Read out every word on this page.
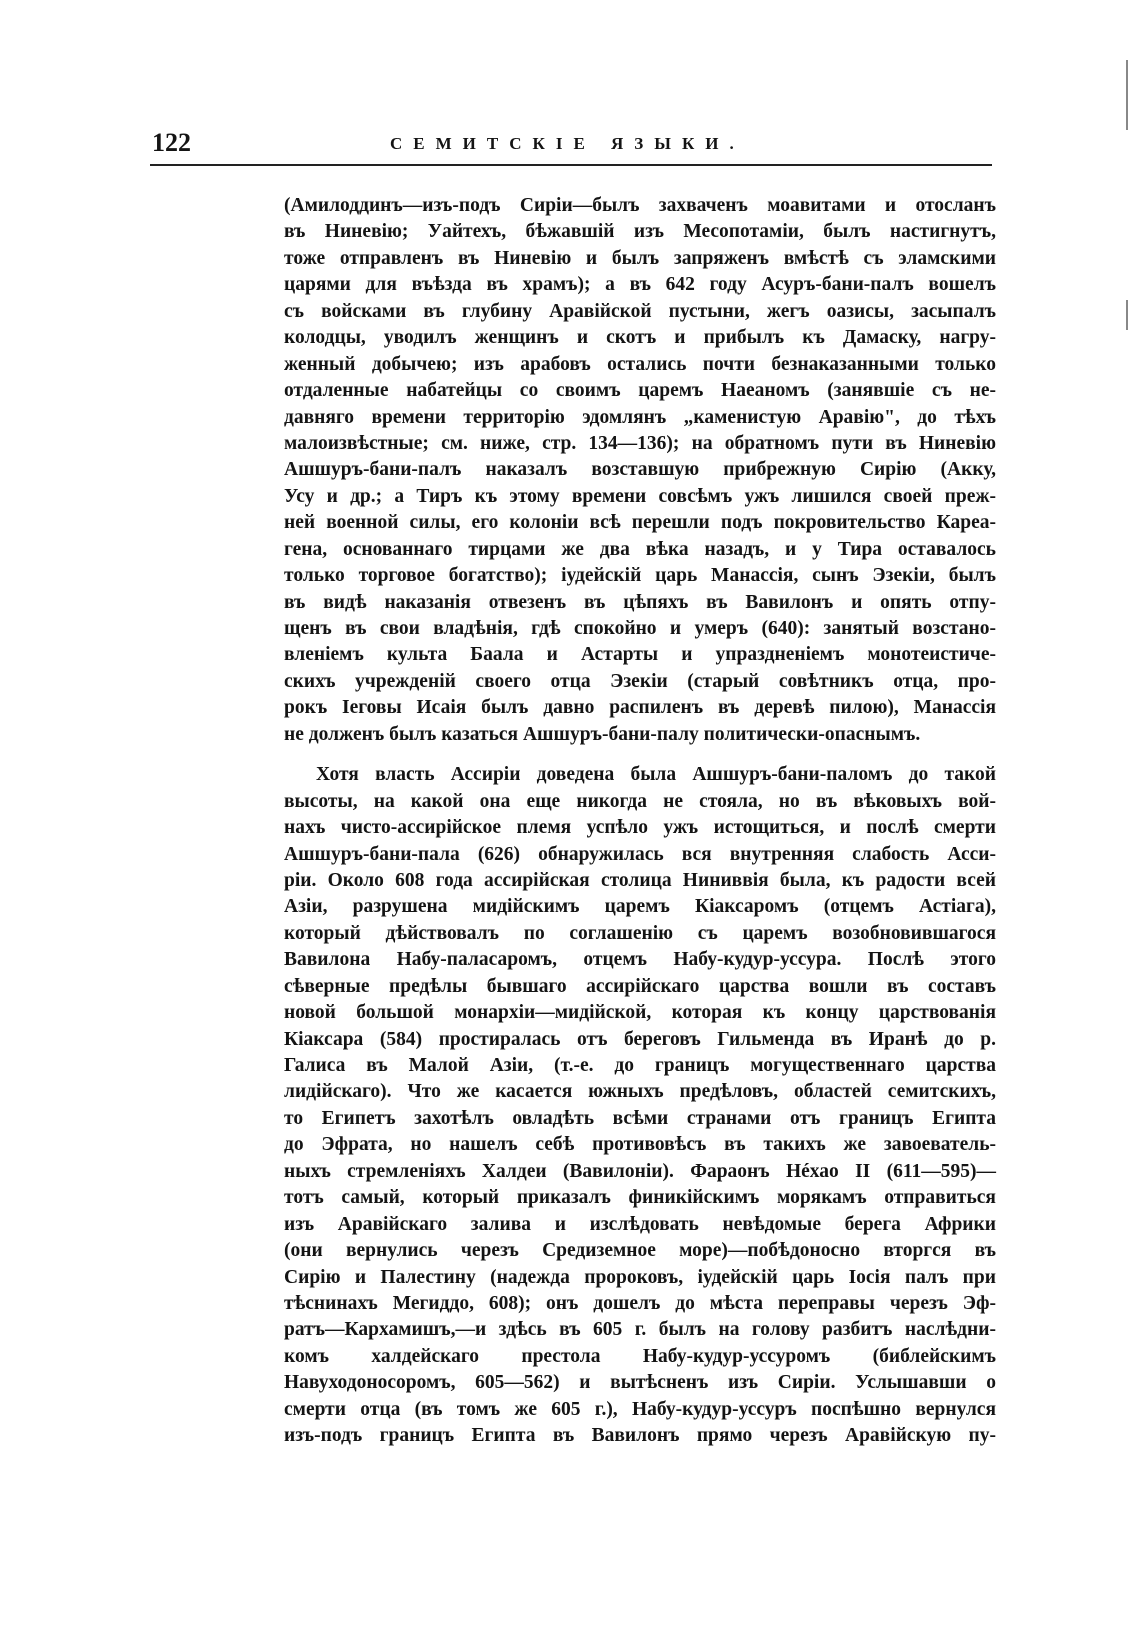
122	СЕМИТСКІЕ ЯЗЫКИ.
(Амилоддинъ—изъ-подъ Сиріи—былъ захваченъ моавитами и отосланъ
въ Ниневію; Уайтехъ, бѣжавшій изъ Месопотаміи, былъ настигнутъ,
тоже отправленъ въ Ниневію и былъ запряженъ вмѣстѣ съ эламскими
царями для въѣзда въ храмъ); а въ 642 году Асуръ-бани-палъ вошелъ
съ войсками въ глубину Аравійской пустыни, жегъ оазисы, засыпалъ
колодцы, уводилъ женщинъ и скотъ и прибылъ къ Дамаску, нагру-
женный добычею; изъ арабовъ остались почти безнаказанными только
отдаленные набатейцы со своимъ царемъ Наеаномъ (занявшіе съ не-
давняго времени территорію эдомлянъ „каменистую Аравію", до тѣхъ
малоизвѣстные; см. ниже, стр. 134—136); на обратномъ пути въ Ниневію
Ашшуръ-бани-палъ наказалъ возставшую прибрежную Сирію (Акку,
Усу и др.; а Тиръ къ этому времени совсѣмъ ужъ лишился своей преж-
ней военной силы, его колоніи всѣ перешли подъ покровительство Кареа-
гена, основаннаго тирцами же два вѣка назадъ, и у Тира оставалось
только торговое богатство); іудейскій царь Манассія, сынъ Эзекіи, былъ
въ видѣ наказанія отвезенъ въ цѣпяхъ въ Вавилонъ и опять отпу-
щенъ въ свои владѣнія, гдѣ спокойно и умеръ (640): занятый возстано-
вленіемъ культа Баала и Астарты и упраздненіемъ монотеистиче-
скихъ учрежденій своего отца Эзекіи (старый совѣтникъ отца, про-
рокъ Іеговы Исаія былъ давно распиленъ въ деревѣ пилою), Манассія
не долженъ былъ казаться Ашшуръ-бани-палу политически-опаснымъ.
Хотя власть Ассиріи доведена была Ашшуръ-бани-паломъ до такой
высоты, на какой она еще никогда не стояла, но въ вѣковыхъ вой-
нахъ чисто-ассирійское племя успѣло ужъ истощиться, и послѣ смерти
Ашшуръ-бани-пала (626) обнаружилась вся внутренняя слабость Асси-
ріи. Около 608 года ассирійская столица Ниниввія была, къ радости всей
Азіи, разрушена мидійскимъ царемъ Кіаксаромъ (отцемъ Астіага),
который дѣйствовалъ по соглашенію съ царемъ возобновившагося
Вавилона Набу-паласаромъ, отцемъ Набу-кудур-уссура. Послѣ этого
сѣверные предѣлы бывшаго ассирійскаго царства вошли въ составъ
новой большой монархіи—мидійской, которая къ концу царствованія
Кіаксара (584) простиралась отъ береговъ Гильменда въ Иранѣ до р.
Галиса въ Малой Азіи, (т.-е. до границъ могущественнаго царства
лидійскаго). Что же касается южныхъ предѣловъ, областей семитскихъ,
то Египетъ захотѣлъ овладѣть всѣми странами отъ границъ Египта
до Эфрата, но нашелъ себѣ противовѣсъ въ такихъ же завоеватель-
ныхъ стремленіяхъ Халдеи (Вавилоніи). Фараонъ Нéхао II (611—595)—
тотъ самый, который приказалъ финикійскимъ морякамъ отправиться
изъ Аравійскаго залива и изслѣдовать невѣдомые берега Африки
(они вернулись черезъ Средиземное море)—побѣдоносно вторгся въ
Сирію и Палестину (надежда пророковъ, іудейскій царь Іосія палъ при
тѣснинахъ Мегиддо, 608); онъ дошелъ до мѣста переправы черезъ Эф-
ратъ—Кархамишъ,—и здѣсь въ 605 г. былъ на голову разбитъ наслѣдни-
комъ халдейскаго престола Набу-кудур-уссуромъ (библейскимъ
Навуходоносоромъ, 605—562) и вытѣсненъ изъ Сиріи. Услышавши о
смерти отца (въ томъ же 605 г.), Набу-кудур-уссуръ поспѣшно вернулся
изъ-подъ границъ Египта въ Вавилонъ прямо черезъ Аравійскую пу-
